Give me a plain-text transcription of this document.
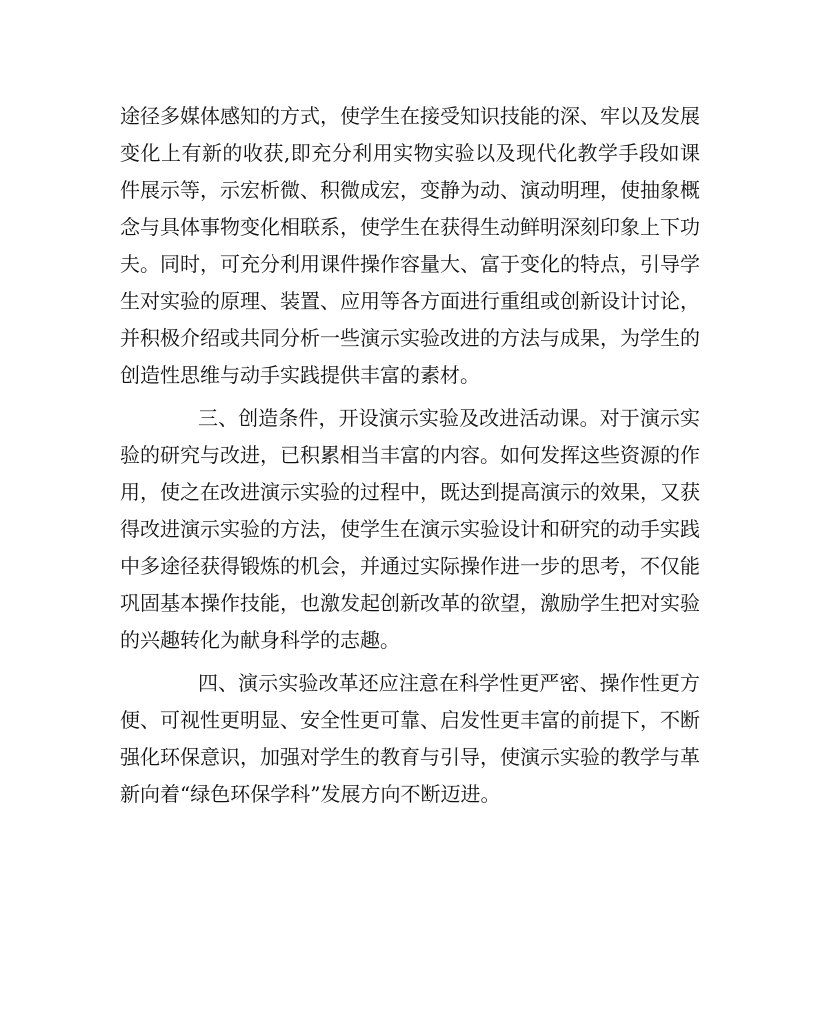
途径多媒体感知的方式，使学生在接受知识技能的深、牢以及发展变化上有新的收获,即充分利用实物实验以及现代化教学手段如课件展示等，示宏析微、积微成宏，变静为动、演动明理，使抽象概念与具体事物变化相联系，使学生在获得生动鲜明深刻印象上下功夫。同时，可充分利用课件操作容量大、富于变化的特点，引导学生对实验的原理、装置、应用等各方面进行重组或创新设计讨论，并积极介绍或共同分析一些演示实验改进的方法与成果，为学生的创造性思维与动手实践提供丰富的素材。

三、创造条件，开设演示实验及改进活动课。对于演示实验的研究与改进，已积累相当丰富的内容。如何发挥这些资源的作用，使之在改进演示实验的过程中，既达到提高演示的效果，又获得改进演示实验的方法，使学生在演示实验设计和研究的动手实践中多途径获得锻炼的机会，并通过实际操作进一步的思考，不仅能巩固基本操作技能，也激发起创新改革的欲望，激励学生把对实验的兴趣转化为献身科学的志趣。

四、演示实验改革还应注意在科学性更严密、操作性更方便、可视性更明显、安全性更可靠、启发性更丰富的前提下，不断强化环保意识，加强对学生的教育与引导，使演示实验的教学与革新向着“绿色环保学科”发展方向不断迈进。
